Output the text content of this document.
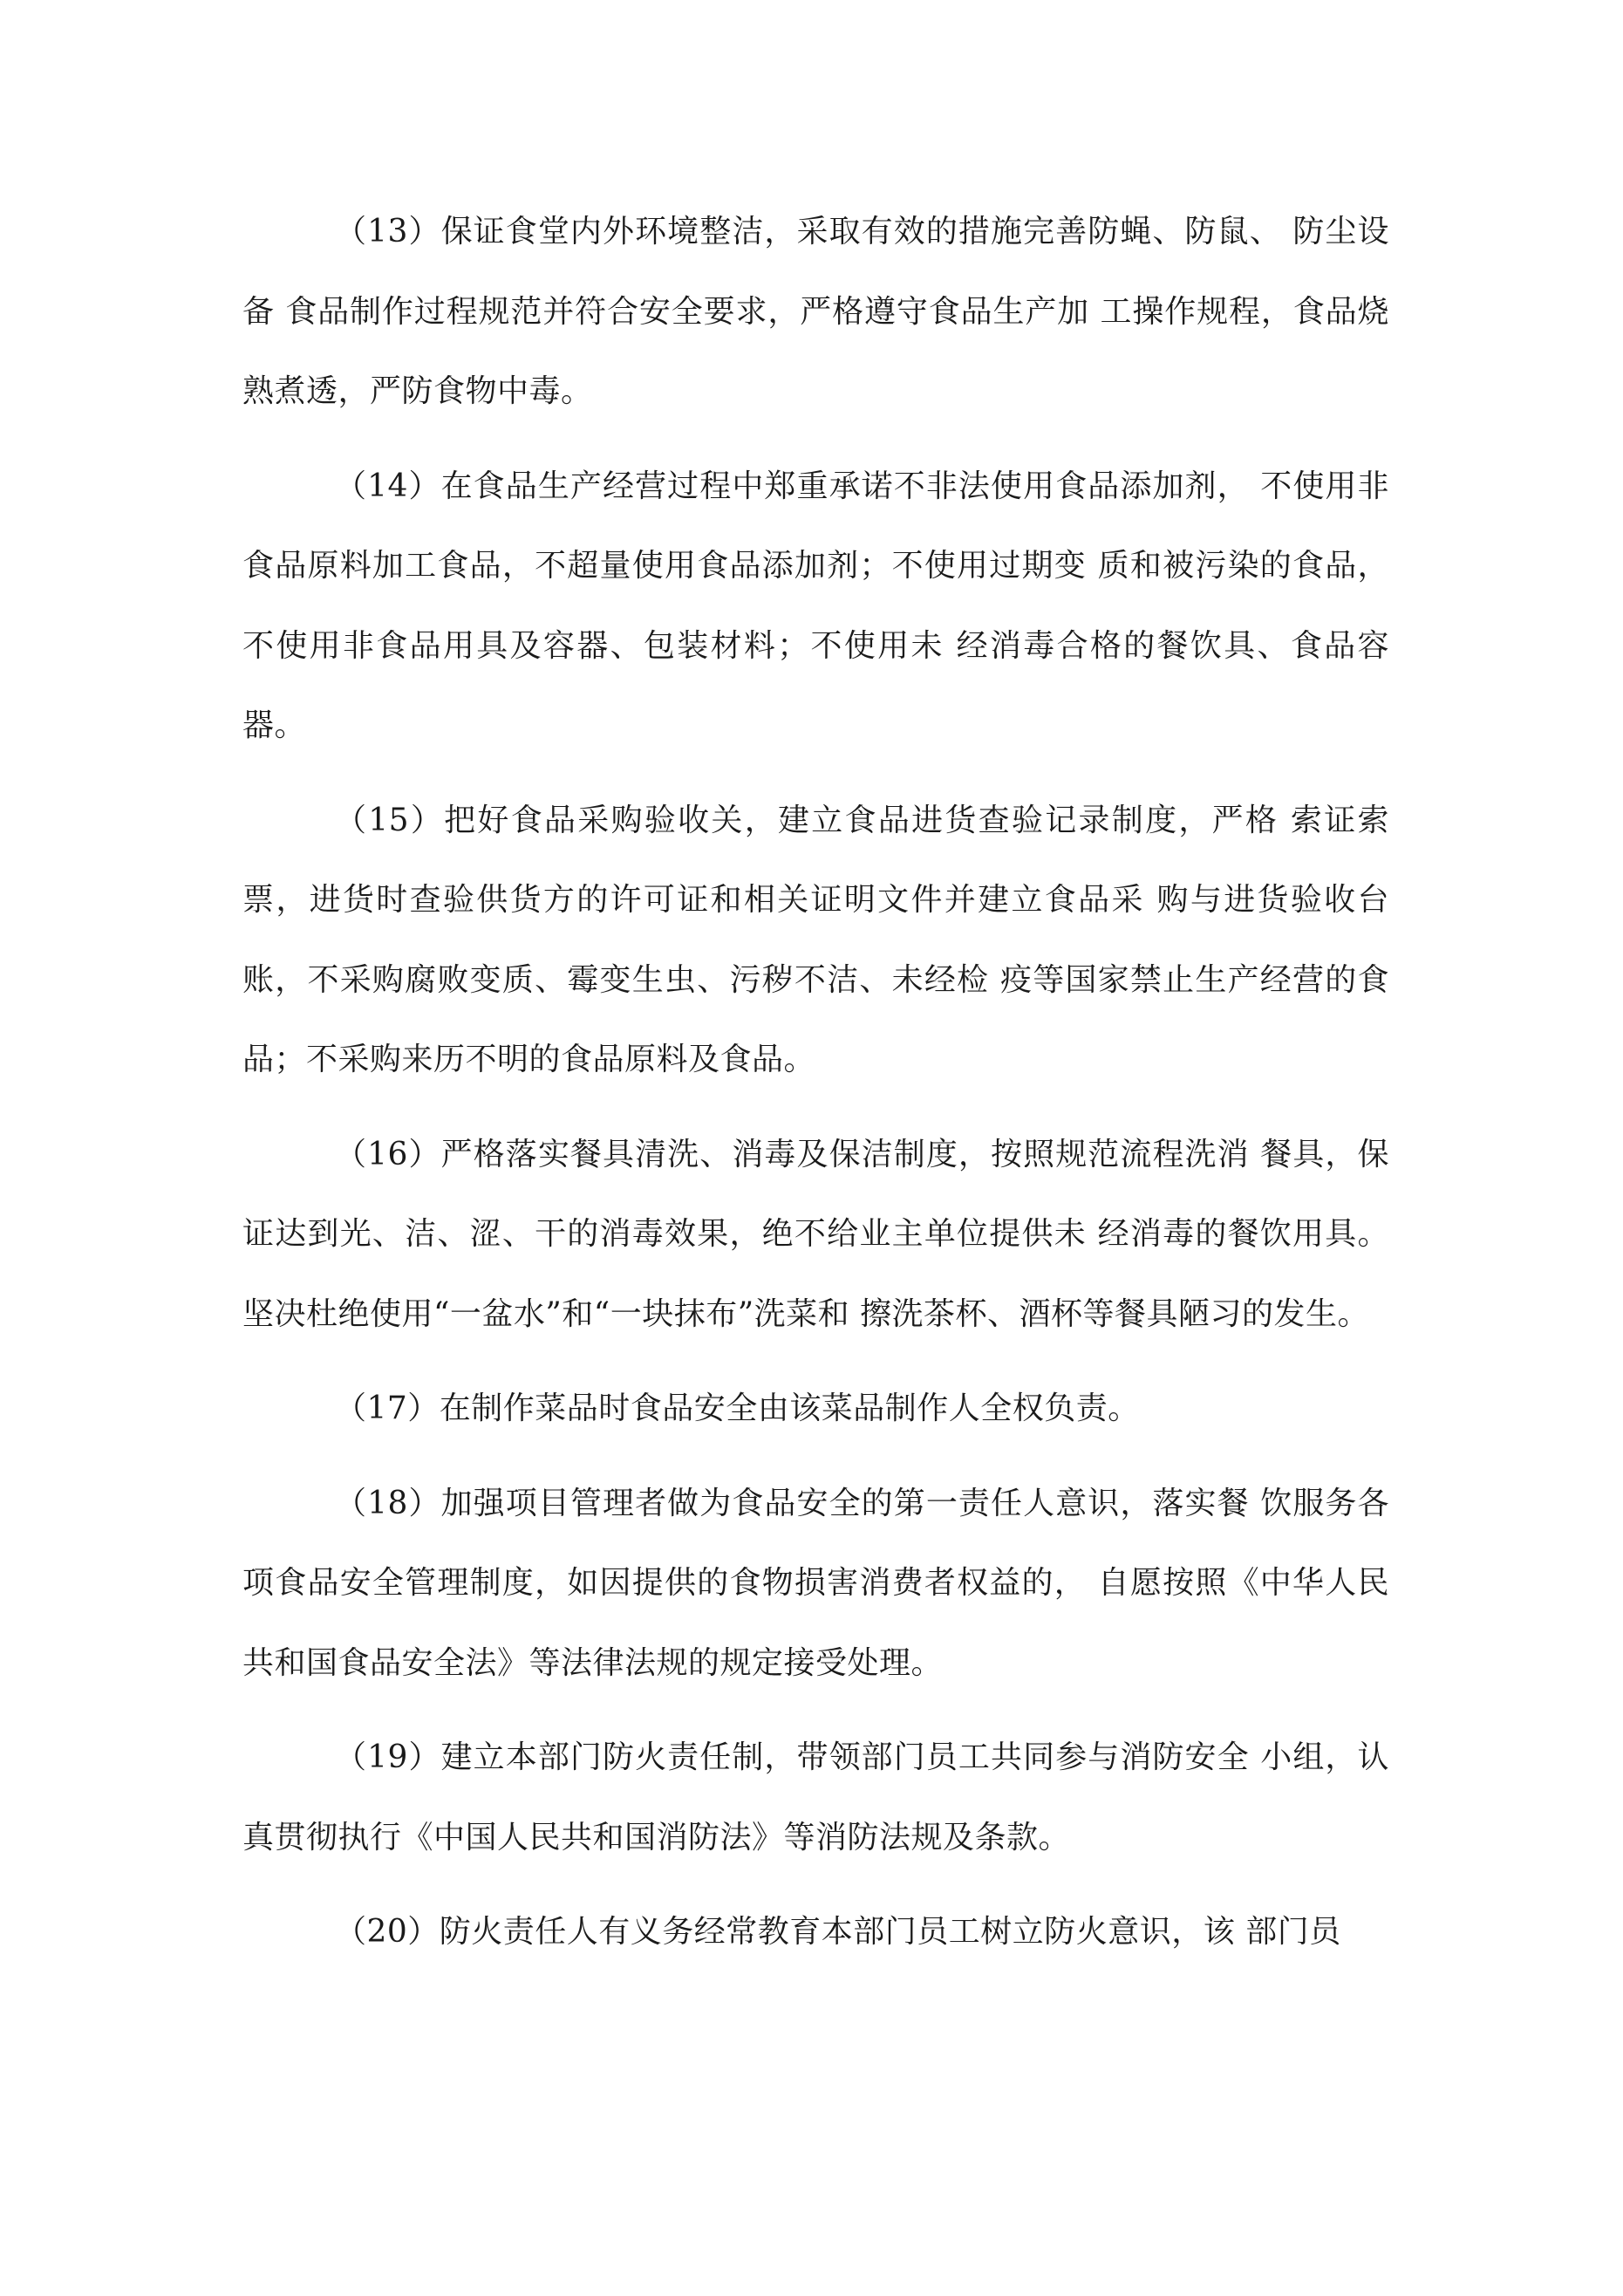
（13）保证食堂内外环境整洁，采取有效的措施完善防蝇、防鼠、 防尘设备 食品制作过程规范并符合安全要求，严格遵守食品生产加 工操作规程，食品烧熟煮透，严防食物中毒。

（14）在食品生产经营过程中郑重承诺不非法使用食品添加剂， 不使用非食品原料加工食品，不超量使用食品添加剂；不使用过期变 质和被污染的食品，不使用非食品用具及容器、包装材料；不使用未 经消毒合格的餐饮具、食品容器。

（15）把好食品采购验收关，建立食品进货查验记录制度，严格 索证索票，进货时查验供货方的许可证和相关证明文件并建立食品采 购与进货验收台账，不采购腐败变质、霉变生虫、污秽不洁、未经检 疫等国家禁止生产经营的食品；不采购来历不明的食品原料及食品。

（16）严格落实餐具清洗、消毒及保洁制度，按照规范流程洗消 餐具，保证达到光、洁、涩、干的消毒效果，绝不给业主单位提供未 经消毒的餐饮用具。坚决杜绝使用“一盆水”和“一块抹布”洗菜和 擦洗茶杯、酒杯等餐具陋习的发生。

（17）在制作菜品时食品安全由该菜品制作人全权负责。

（18）加强项目管理者做为食品安全的第一责任人意识，落实餐 饮服务各项食品安全管理制度，如因提供的食物损害消费者权益的， 自愿按照《中华人民共和国食品安全法》等法律法规的规定接受处理。

（19）建立本部门防火责任制，带领部门员工共同参与消防安全 小组，认真贯彻执行《中国人民共和国消防法》等消防法规及条款。

（20）防火责任人有义务经常教育本部门员工树立防火意识，该 部门员
